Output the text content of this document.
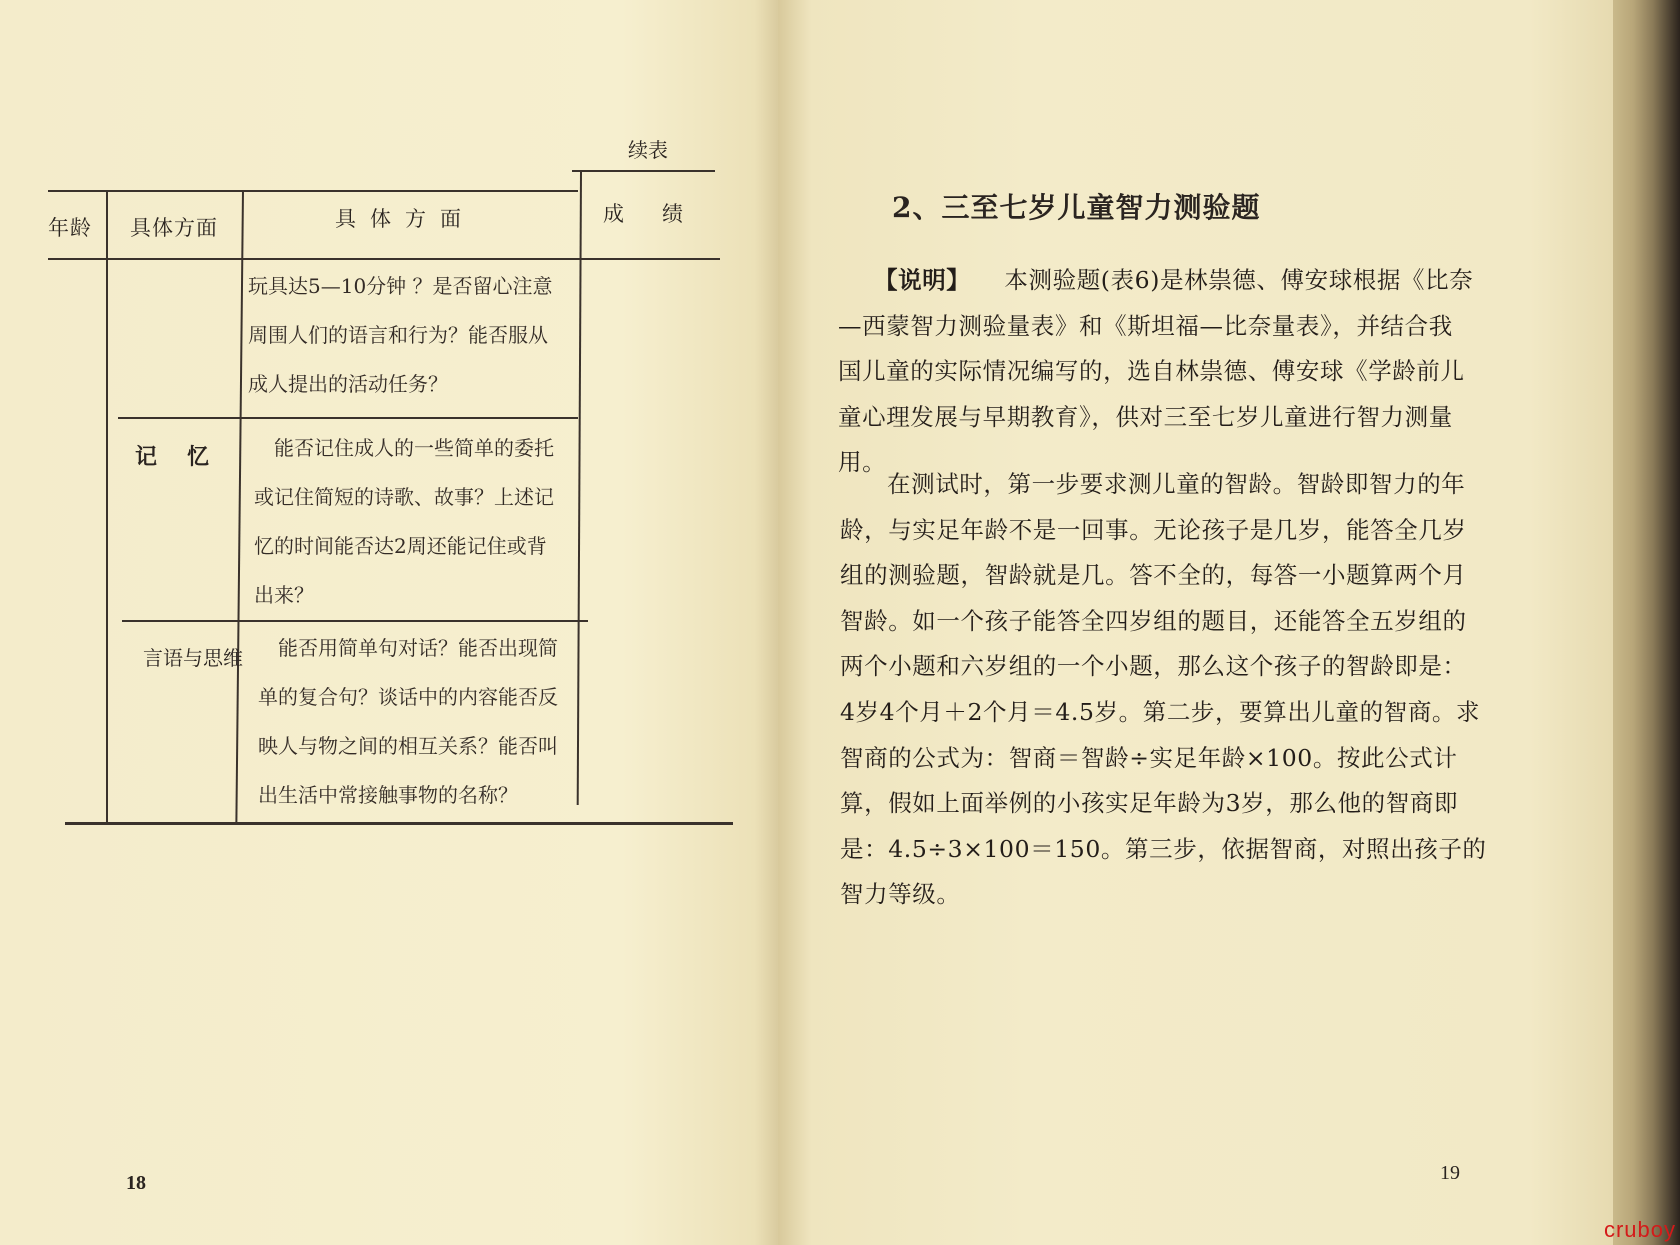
续表
年龄 具体方面	具体方面	成绩
玩具达5—10分钟 ？是否留心注意
周围人们的语言和行为？能否服从
成人提出的活动任务？
记忆	能否记住成人的一些简单的委托
或记住简短的诗歌、故事？上述记
忆的时间能否达2周还能记住或背
出来？
言语与思维	能否用简单句对话？能否出现简
单的复合句？谈话中的内容能否反
映人与物之间的相互关系？能否叫
出生活中常接触事物的名称？
18
2、三至七岁儿童智力测验题
【说明】 本测验题(表6)是林祟德、傅安球根据《比奈
—西蒙智力测验量表》和《斯坦福—比奈量表》，并结合我
国儿童的实际情况编写的，选自林祟德、傅安球《学龄前儿
童心理发展与早期教育》，供对三至七岁儿童进行智力测量
用。
在测试时，第一步要求测儿童的智龄。智龄即智力的年
龄，与实足年龄不是一回事。无论孩子是几岁，能答全几岁
组的测验题，智龄就是几。答不全的，每答一小题算两个月
智龄。如一个孩子能答全四岁组的题目，还能答全五岁组的
两个小题和六岁组的一个小题，那么这个孩子的智龄即是：
4岁4个月＋2个月＝4.5岁。第二步，要算出儿童的智商。求
智商的公式为：智商＝智龄÷实足年龄×100。按此公式计
算，假如上面举例的小孩实足年龄为3岁，那么他的智商即
是：4.5÷3×100＝150。第三步，依据智商，对照出孩子的
智力等级。
19
cruboy
